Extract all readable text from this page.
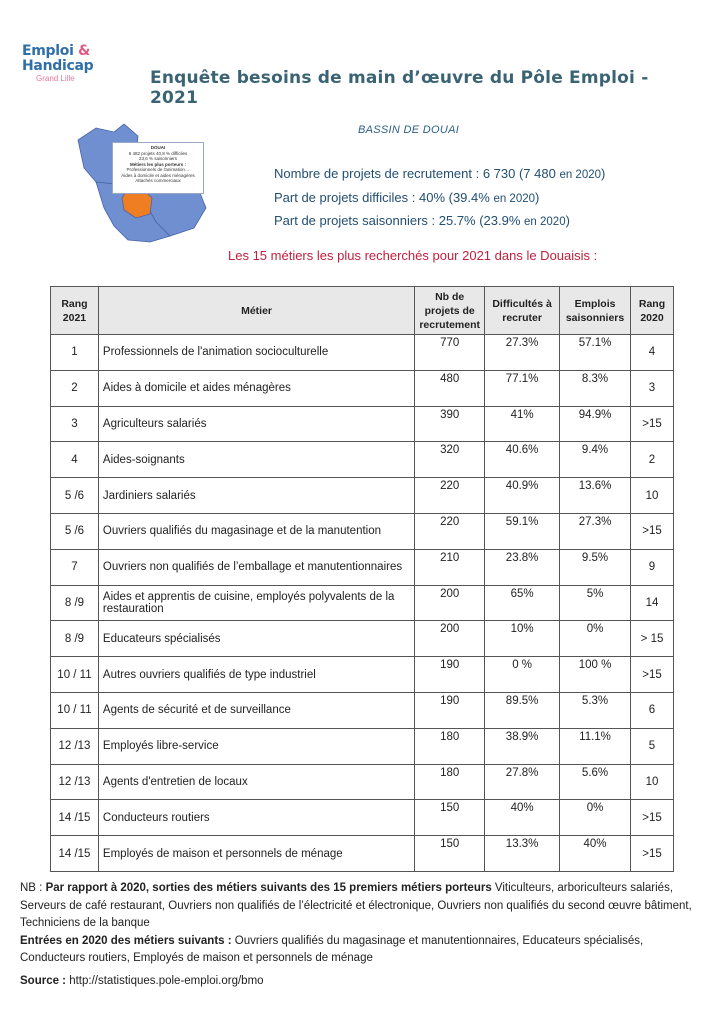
Emploi &
Handicap
Grand Lille	Enquête besoins de main d’œuvre du Pôle Emploi - 2021
DOUAI
6 482 projets 40,8 % difficiles
23,6 % saisonniers
Métiers les plus porteurs :
Professionnels de l'animation…
Aides à domicile et aides ménagères
Attachés commerciaux
BASSIN DE DOUAI
Nombre de projets de recrutement : 6 730 (7 480 en 2020)
Part de projets difficiles : 40% (39.4% en 2020)
Part de projets saisonniers : 25.7% (23.9% en 2020)
Les 15 métiers les plus recherchés pour 2021 dans le Douaisis :
Rang
2021	Métier	Nb de
projets de
recrutement	Difficultés à
recruter	Emplois
saisonniers	Rang
2020
1	Professionnels de l'animation socioculturelle	770	27.3%	57.1%	4
2	Aides à domicile et aides ménagères	480	77.1%	8.3%	3
3	Agriculteurs salariés	390	41%	94.9%	>15
4	Aides-soignants	320	40.6%	9.4%	2
5 /6	Jardiniers salariés	220	40.9%	13.6%	10
5 /6	Ouvriers qualifiés du magasinage et de la manutention	220	59.1%	27.3%	>15
7	Ouvriers non qualifiés de l’emballage et manutentionnaires	210	23.8%	9.5%	9
8 /9	Aides et apprentis de cuisine, employés polyvalents de la restauration	200	65%	5%	14
8 /9	Educateurs spécialisés	200	10%	0%	> 15
10 / 11	Autres ouvriers qualifiés de type industriel	190	0 %	100 %	>15
10 / 11	Agents de sécurité et de surveillance	190	89.5%	5.3%	6
12 /13	Employés libre-service	180	38.9%	11.1%	5
12 /13	Agents d'entretien de locaux	180	27.8%	5.6%	10
14 /15	Conducteurs routiers	150	40%	0%	>15
14 /15	Employés de maison et personnels de ménage	150	13.3%	40%	>15
NB : Par rapport à 2020, sorties des métiers suivants des 15 premiers métiers porteurs Viticulteurs, arboriculteurs salariés, Serveurs de café restaurant, Ouvriers non qualifiés de l’électricité et électronique, Ouvriers non qualifiés du second œuvre bâtiment, Techniciens de la banque
Entrées en 2020 des métiers suivants : Ouvriers qualifiés du magasinage et manutentionnaires, Educateurs spécialisés, Conducteurs routiers, Employés de maison et personnels de ménage
Source : http://statistiques.pole-emploi.org/bmo
